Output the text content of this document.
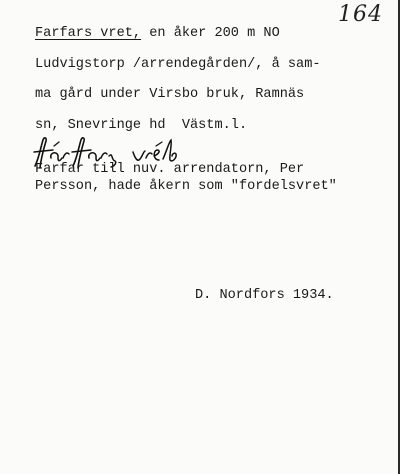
164
Farfars vret, en åker 200 m NO
Ludvigstorp /arrendegården/, å sam-
ma gård under Virsbo bruk, Ramnäs
sn, Snevringe hd  Västm.l.
Farfar till nuv. arrendatorn, Per
Persson, hade åkern som "fordelsvret"
D. Nordfors 1934.
